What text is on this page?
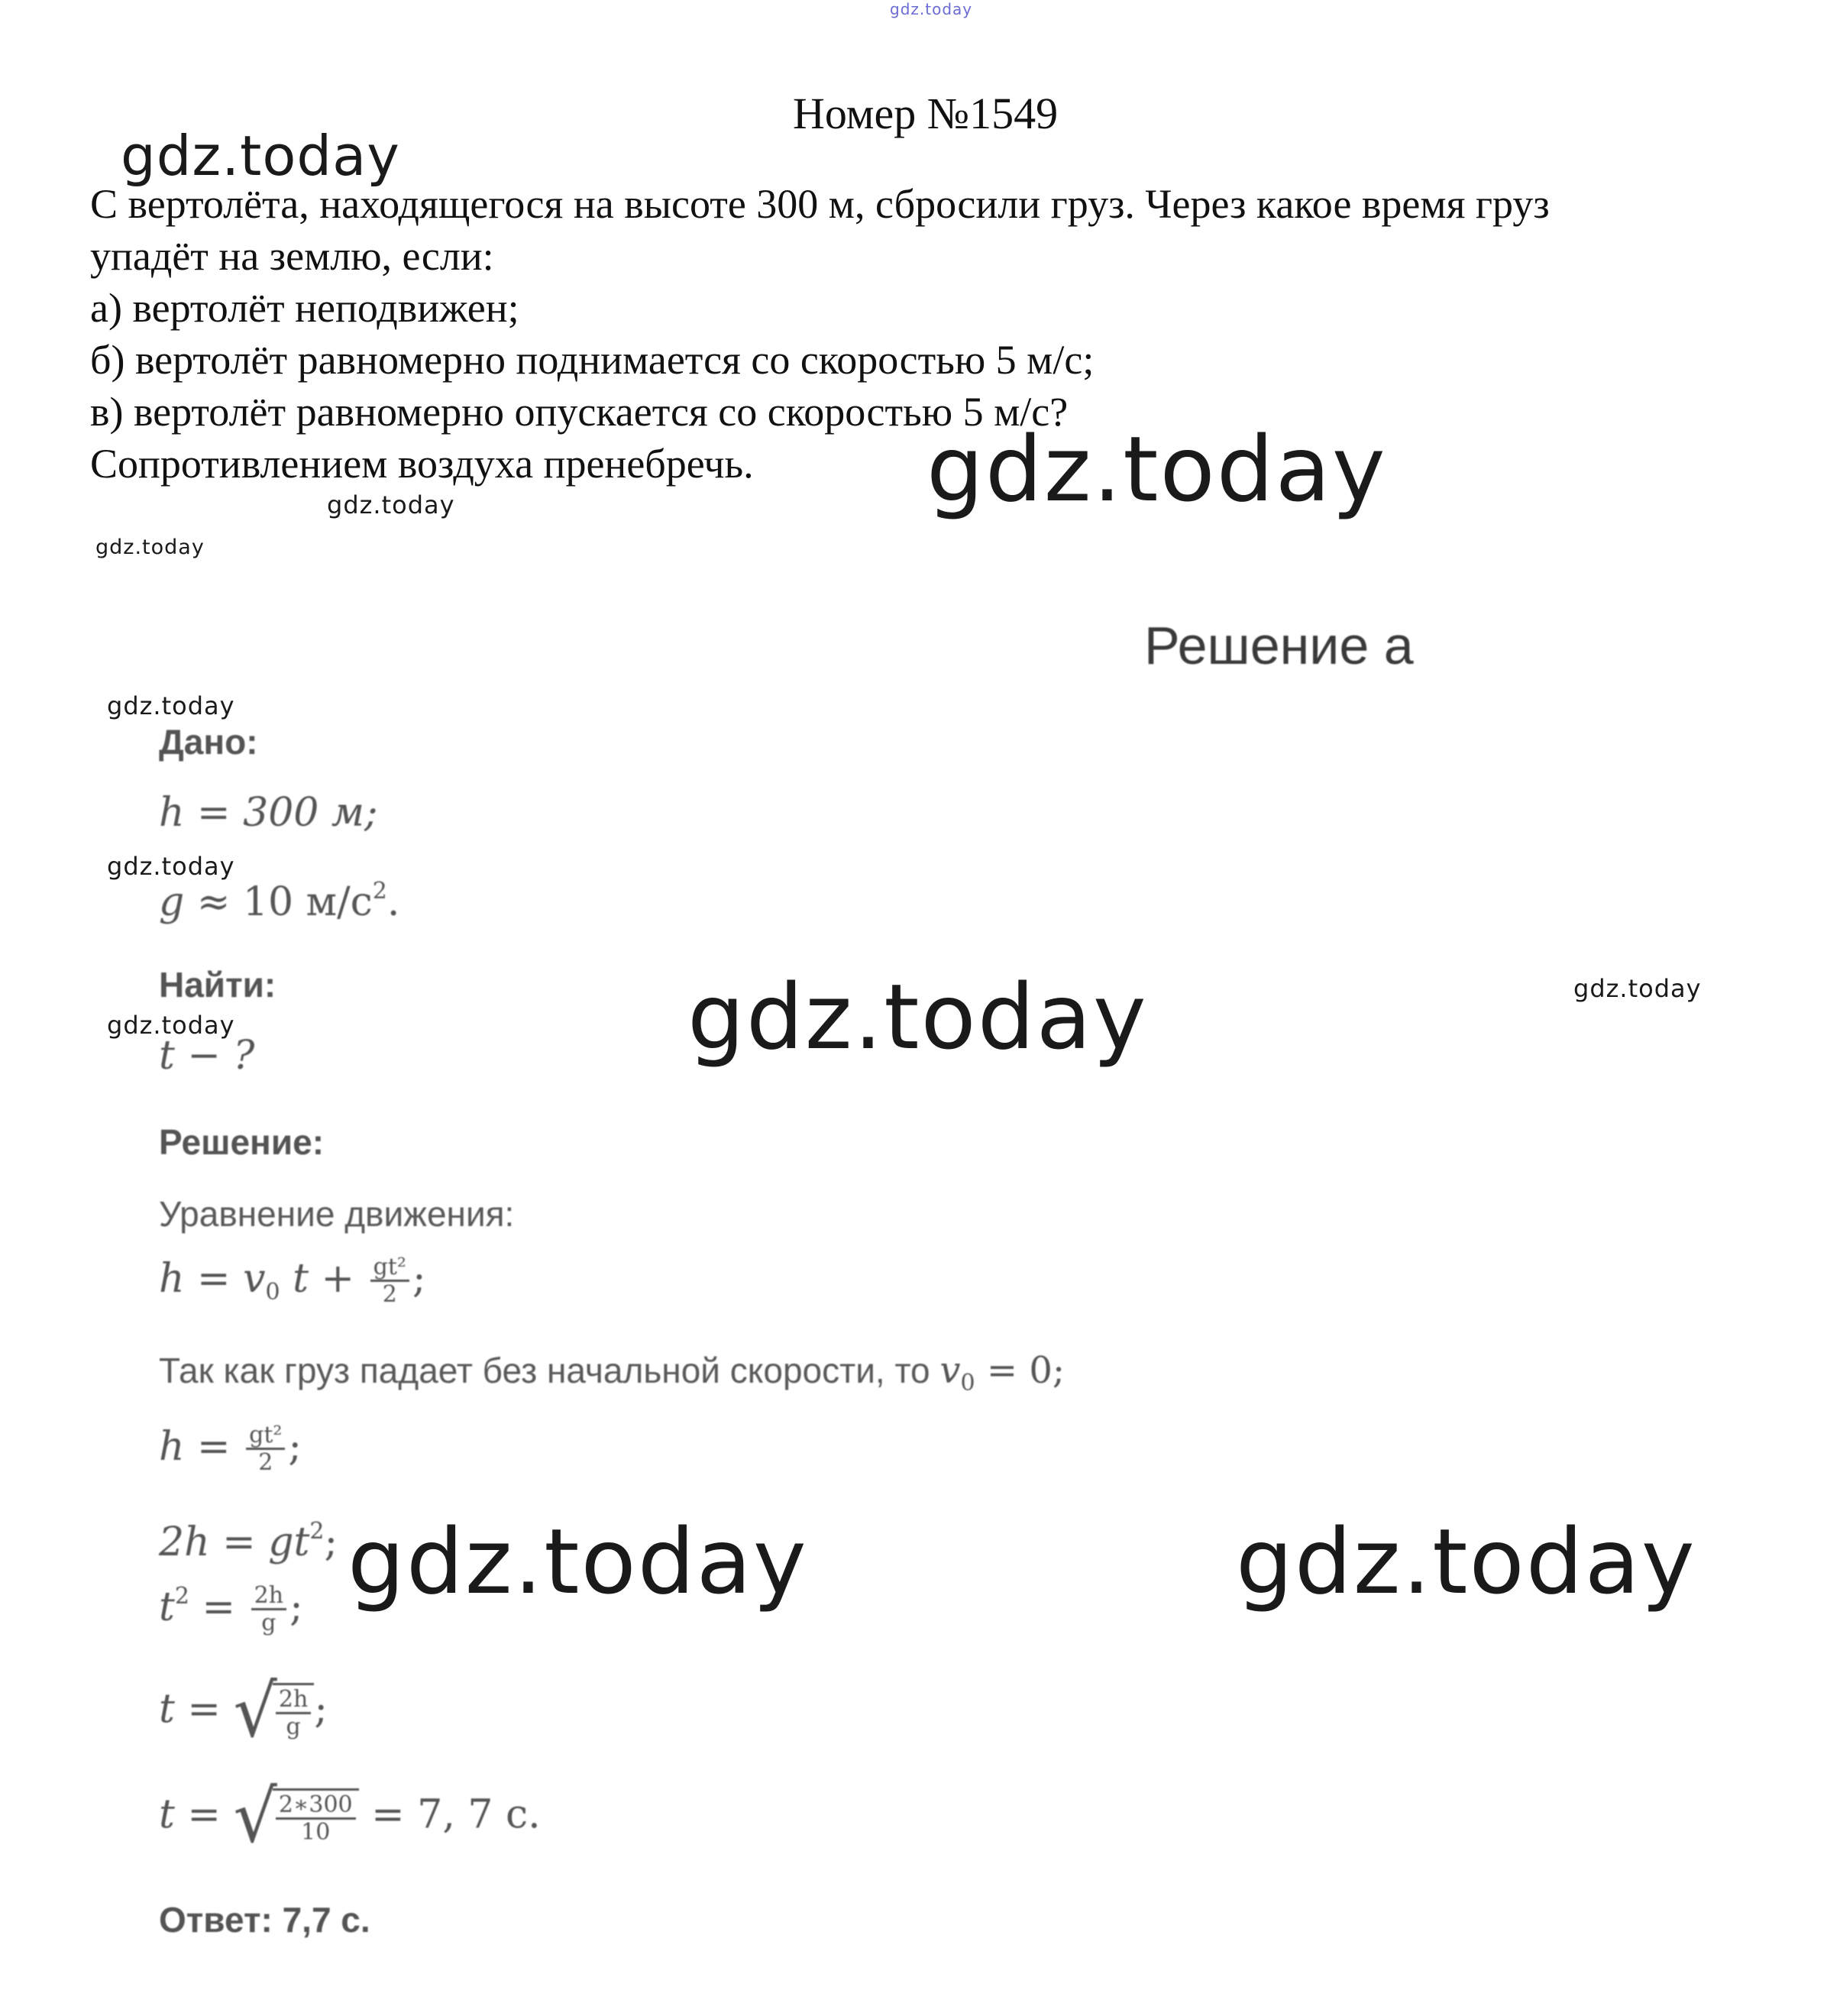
gdz.today
gdz.today
gdz.today
gdz.today
gdz.today
gdz.today
gdz.today
gdz.today	gdz.today
gdz.today
gdz.today	gdz.today
Номер №1549
С вертолёта, находящегося на высоте 300 м, сбросили груз. Через какое время груз
упадёт на землю, если:
а) вертолёт неподвижен;
б) вертолёт равномерно поднимается со скоростью 5 м/с;
в) вертолёт равномерно опускается со скоростью 5 м/с?
Сопротивлением воздуха пренебречь.
Решение а
Дано:
h = 300 м;
g ≈ 10 $м/с^2$.
Найти:
t − ?
Решение:
Уравнение движения:
$h = v_0$ $t + \frac{\text{gt²}}{2}$ ;
Так как груз падает без начальной скорости, то $v_0 = 0$;
$h = \frac{\text{gt²}}{2}$ ;
$2h = gt^2$;
$t^2 = \frac{2h}{g}$ ;
t = √
$\frac{2h}{g}$ ;
t = √
$\frac{2∗300}{10} = 7$, 7 с.
Ответ: 7,7 с.
